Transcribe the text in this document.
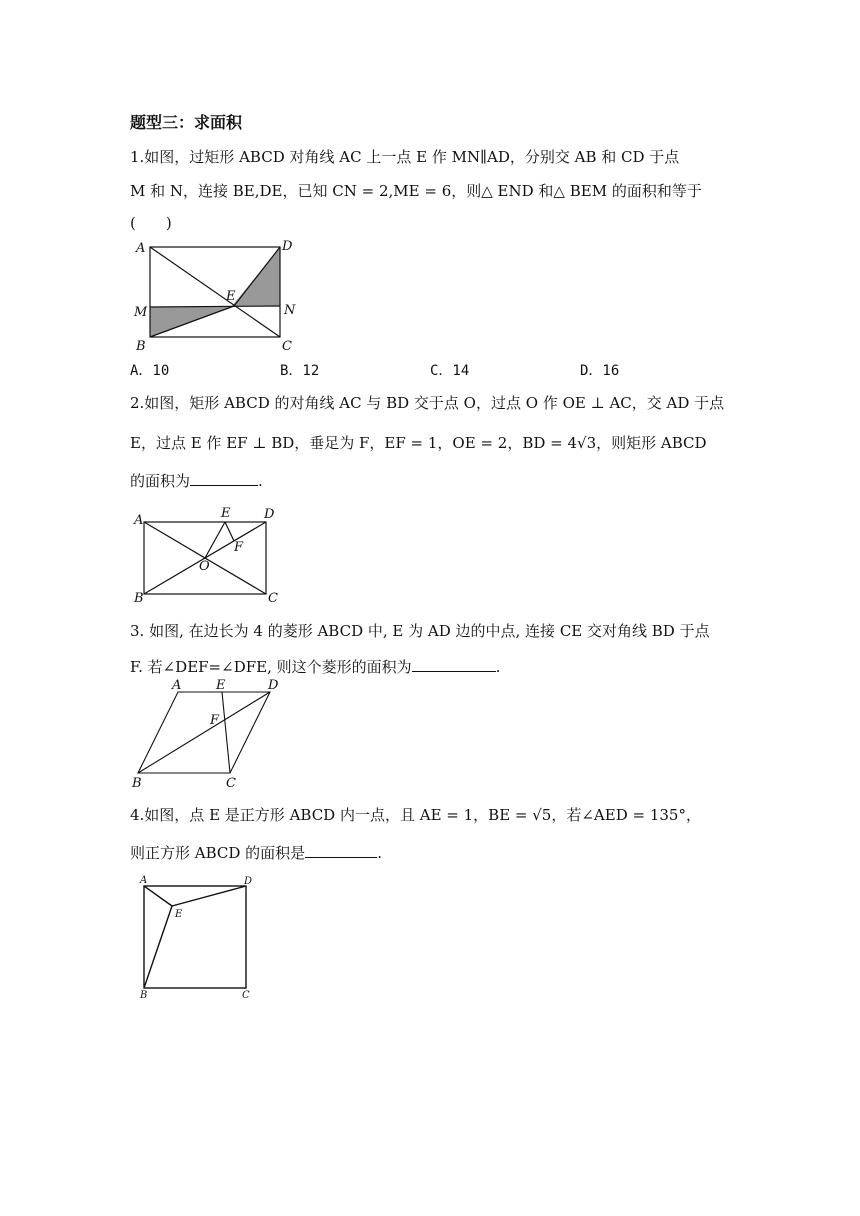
题型三：求面积
1.如图，过矩形 ABCD 对角线 AC 上一点 E 作 MN∥AD，分别交 AB 和 CD 于点
M 和 N，连接 BE,DE，已知 CN = 2,ME = 6，则△ END 和△ BEM 的面积和等于
(　　)
A	D
M
E
N
B	C
A．10	B．12	C．14	D．16
2.如图，矩形 ABCD 的对角线 AC 与 BD 交于点 O，过点 O 作 OE ⊥ AC，交 AD 于点
E，过点 E 作 EF ⊥ BD，垂足为 F，EF = 1，OE = 2，BD = 4√3，则矩形 ABCD
的面积为	.
A	E	D
F
O
B	C
3. 如图, 在边长为 4 的菱形 ABCD 中, E 为 AD 边的中点, 连接 CE 交对角线 BD 于点
F. 若∠DEF=∠DFE, 则这个菱形的面积为	.
A	E	D
F
B	C
4.如图，点 E 是正方形 ABCD 内一点，且 AE = 1，BE = √5，若∠AED = 135°，
则正方形 ABCD 的面积是	.
A	D
E
B	C
